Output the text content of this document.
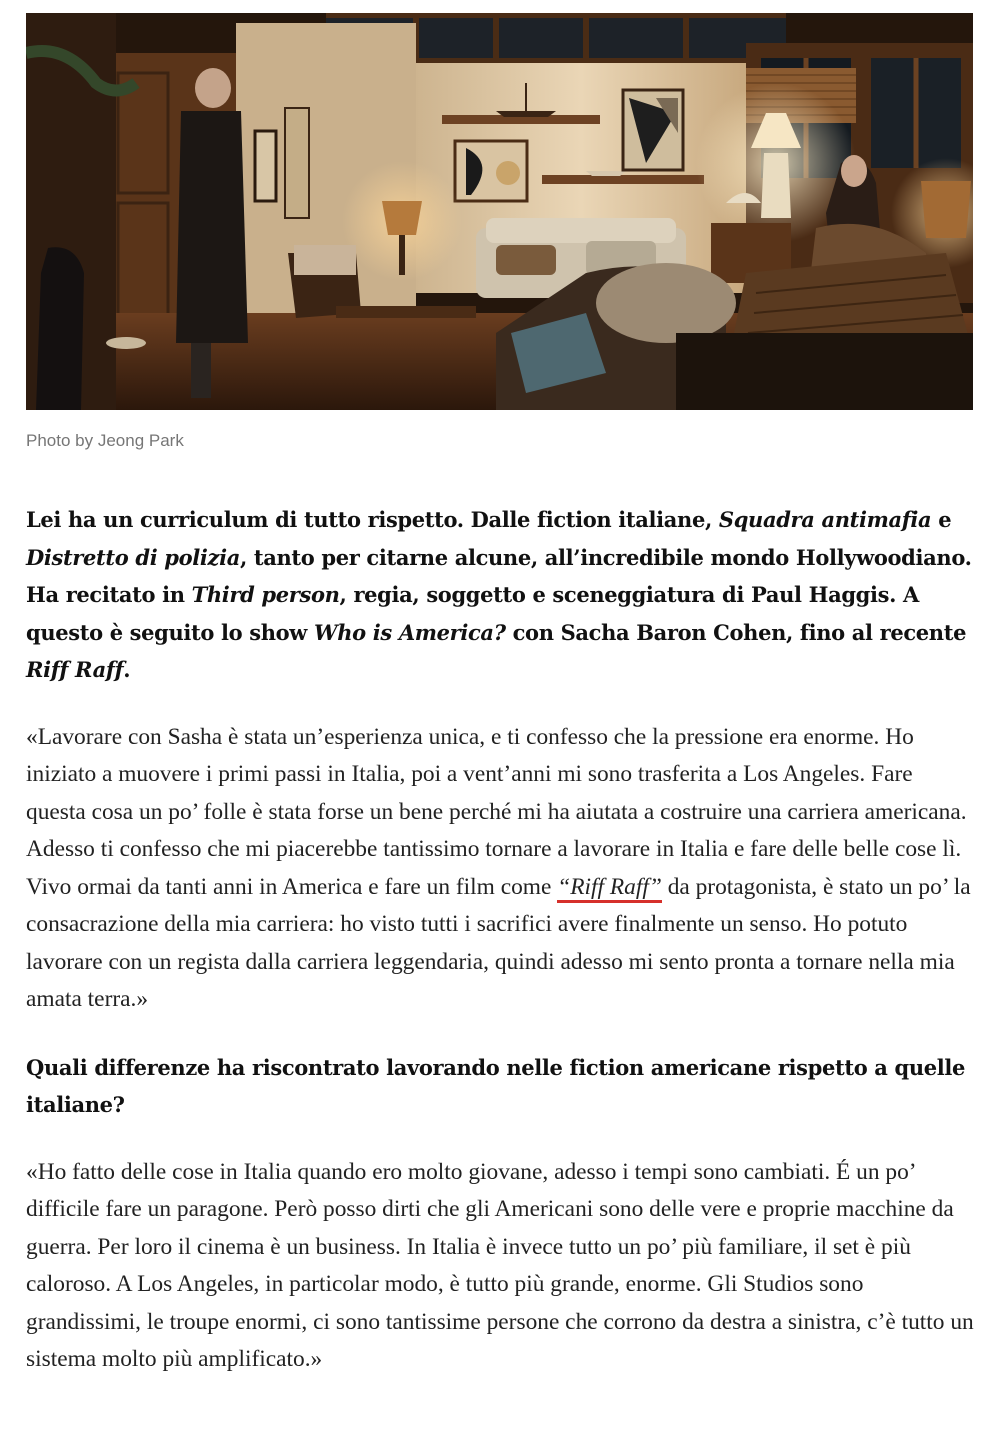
Photo by Jeong Park

Lei ha un curriculum di tutto rispetto. Dalle fiction italiane, Squadra antimafia e Distretto di polizia, tanto per citarne alcune, all’incredibile mondo Hollywoodiano. Ha recitato in Third person, regia, soggetto e sceneggiatura di Paul Haggis. A questo è seguito lo show Who is America? con Sacha Baron Cohen, fino al recente Riff Raff.

«Lavorare con Sasha è stata un’esperienza unica, e ti confesso che la pressione era enorme. Ho iniziato a muovere i primi passi in Italia, poi a vent’anni mi sono trasferita a Los Angeles. Fare questa cosa un po’ folle è stata forse un bene perché mi ha aiutata a costruire una carriera americana. Adesso ti confesso che mi piacerebbe tantissimo tornare a lavorare in Italia e fare delle belle cose lì. Vivo ormai da tanti anni in America e fare un film come “Riff Raff” da protagonista, è stato un po’ la consacrazione della mia carriera: ho visto tutti i sacrifici avere finalmente un senso. Ho potuto lavorare con un regista dalla carriera leggendaria, quindi adesso mi sento pronta a tornare nella mia amata terra.»

Quali differenze ha riscontrato lavorando nelle fiction americane rispetto a quelle italiane?

«Ho fatto delle cose in Italia quando ero molto giovane, adesso i tempi sono cambiati. É un po’ difficile fare un paragone. Però posso dirti che gli Americani sono delle vere e proprie macchine da guerra. Per loro il cinema è un business. In Italia è invece tutto un po’ più familiare, il set è più caloroso. A Los Angeles, in particolar modo, è tutto più grande, enorme. Gli Studios sono grandissimi, le troupe enormi, ci sono tantissime persone che corrono da destra a sinistra, c’è tutto un sistema molto più amplificato.»
